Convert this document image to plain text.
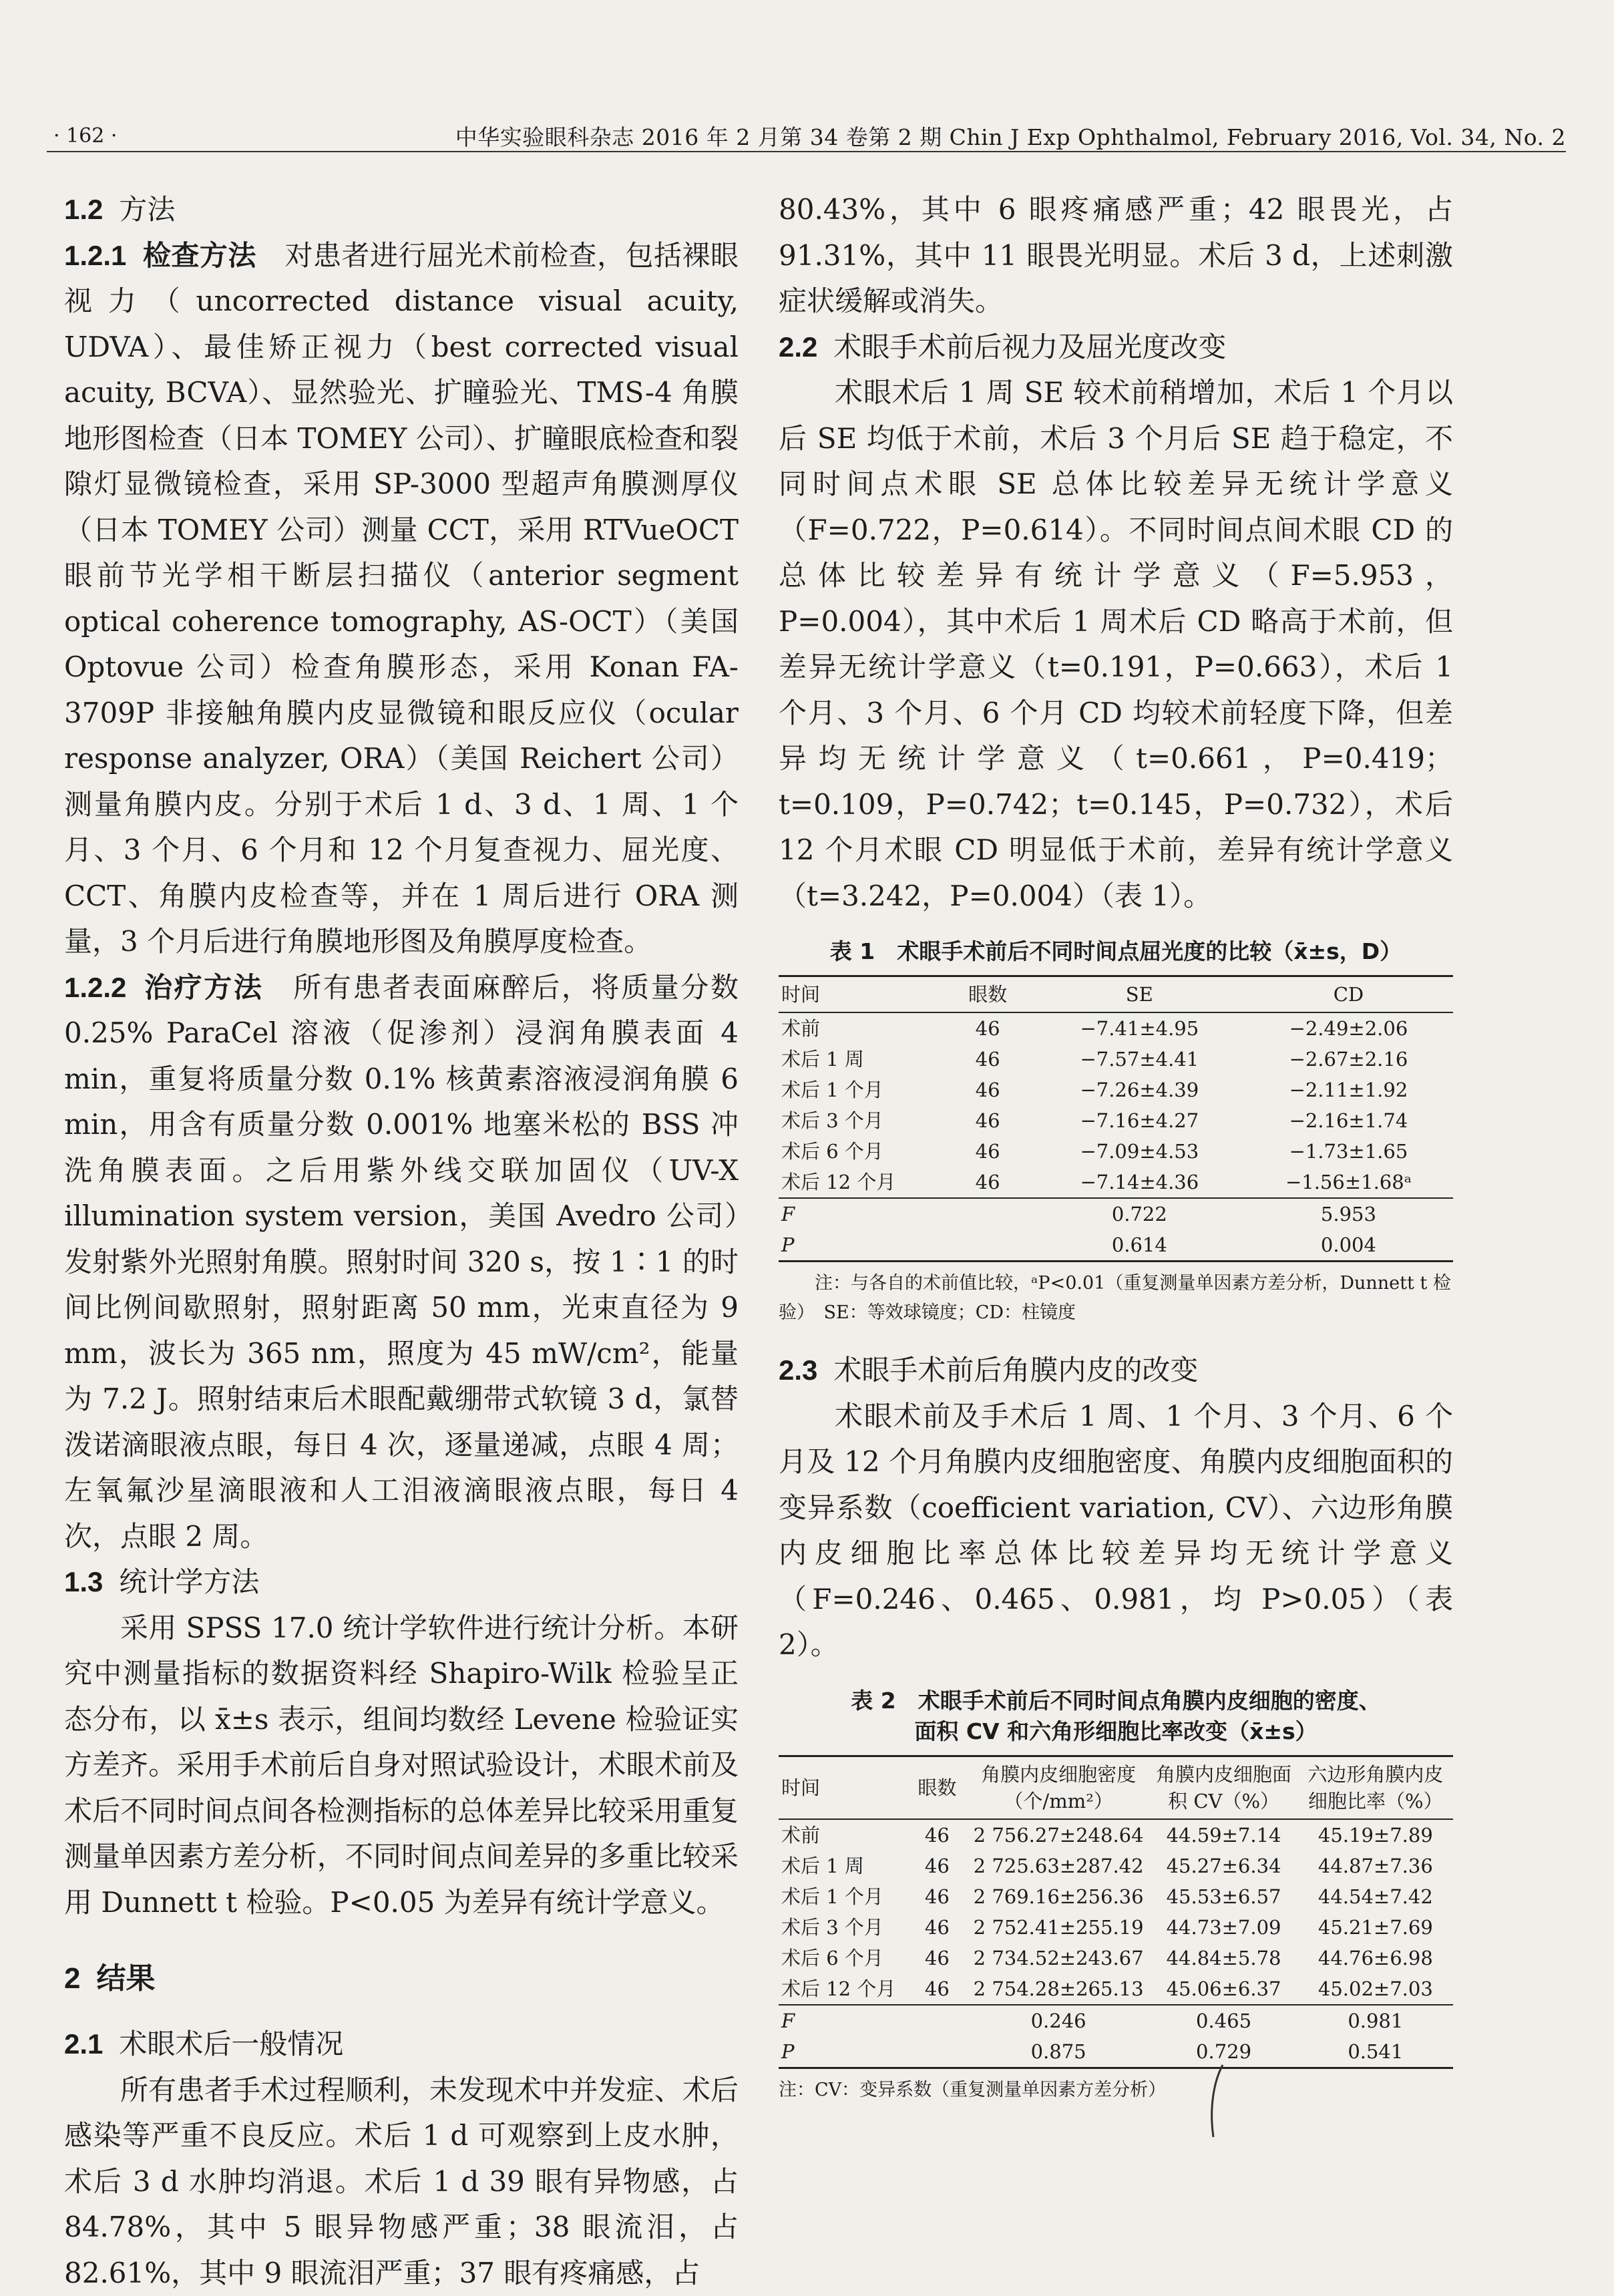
· 162 ·	中华实验眼科杂志 2016 年 2 月第 34 卷第 2 期 Chin J Exp Ophthalmol, February 2016, Vol. 34, No. 2
1.2 方法

1.2.1 检查方法　 对患者进行屈光术前检查，包括裸眼视力（uncorrected distance visual acuity, UDVA）、最佳矫正视力（best corrected visual acuity, BCVA）、显然验光、扩瞳验光、TMS-4 角膜地形图检查（日本 TOMEY 公司）、扩瞳眼底检查和裂隙灯显微镜检查，采用 SP-3000 型超声角膜测厚仪（日本 TOMEY 公司）测量 CCT，采用 RTVueOCT 眼前节光学相干断层扫描仪（anterior segment optical coherence tomography, AS-OCT）（美国 Optovue 公司）检查角膜形态，采用 Konan FA-3709P 非接触角膜内皮显微镜和眼反应仪（ocular response analyzer, ORA）（美国 Reichert 公司）测量角膜内皮。分别于术后 1 d、3 d、1 周、1 个月、3 个月、6 个月和 12 个月复查视力、屈光度、CCT、角膜内皮检查等，并在 1 周后进行 ORA 测量，3 个月后进行角膜地形图及角膜厚度检查。

1.2.2 治疗方法　 所有患者表面麻醉后，将质量分数 0.25% ParaCel 溶液（促渗剂）浸润角膜表面 4 min，重复将质量分数 0.1% 核黄素溶液浸润角膜 6 min，用含有质量分数 0.001% 地塞米松的 BSS 冲洗角膜表面。之后用紫外线交联加固仪（UV-X illumination system version，美国 Avedro 公司）发射紫外光照射角膜。照射时间 320 s，按 1∶1 的时间比例间歇照射，照射距离 50 mm，光束直径为 9 mm，波长为 365 nm，照度为 45 mW/cm²，能量为 7.2 J。照射结束后术眼配戴绷带式软镜 3 d，氯替泼诺滴眼液点眼，每日 4 次，逐量递减，点眼 4 周；左氧氟沙星滴眼液和人工泪液滴眼液点眼，每日 4 次，点眼 2 周。

1.3 统计学方法

采用 SPSS 17.0 统计学软件进行统计分析。本研究中测量指标的数据资料经 Shapiro-Wilk 检验呈正态分布，以 x̄±s 表示，组间均数经 Levene 检验证实方差齐。采用手术前后自身对照试验设计，术眼术前及术后不同时间点间各检测指标的总体差异比较采用重复测量单因素方差分析，不同时间点间差异的多重比较采用 Dunnett t 检验。P<0.05 为差异有统计学意义。

2 结果
2.1 术眼术后一般情况

所有患者手术过程顺利，未发现术中并发症、术后感染等严重不良反应。术后 1 d 可观察到上皮水肿，术后 3 d 水肿均消退。术后 1 d 39 眼有异物感，占 84.78%，其中 5 眼异物感严重；38 眼流泪，占 82.61%，其中 9 眼流泪严重；37 眼有疼痛感，占

80.43%，其中 6 眼疼痛感严重；42 眼畏光，占 91.31%，其中 11 眼畏光明显。术后 3 d，上述刺激症状缓解或消失。

2.2 术眼手术前后视力及屈光度改变

术眼术后 1 周 SE 较术前稍增加，术后 1 个月以后 SE 均低于术前，术后 3 个月后 SE 趋于稳定，不同时间点术眼 SE 总体比较差异无统计学意义（F=0.722，P=0.614）。不同时间点间术眼 CD 的总体比较差异有统计学意义（F=5.953，P=0.004），其中术后 1 周术后 CD 略高于术前，但差异无统计学意义（t=0.191，P=0.663），术后 1 个月、3 个月、6 个月 CD 均较术前轻度下降，但差异均无统计学意义（t=0.661，P=0.419；t=0.109，P=0.742；t=0.145，P=0.732），术后 12 个月术眼 CD 明显低于术前，差异有统计学意义（t=3.242，P=0.004）（表 1）。

表 1　术眼手术前后不同时间点屈光度的比较（x̄±s，D）
时间	眼数	SE	CD
术前	46	−7.41±4.95	−2.49±2.06
术后 1 周	46	−7.57±4.41	−2.67±2.16
术后 1 个月	46	−7.26±4.39	−2.11±1.92
术后 3 个月	46	−7.16±4.27	−2.16±1.74
术后 6 个月	46	−7.09±4.53	−1.73±1.65
术后 12 个月	46	−7.14±4.36	−1.56±1.68ᵃ
F		0.722	5.953
P		0.614	0.004

注：与各自的术前值比较，ᵃP<0.01（重复测量单因素方差分析，Dunnett t 检验）　SE：等效球镜度；CD：柱镜度

2.3 术眼手术前后角膜内皮的改变

术眼术前及手术后 1 周、1 个月、3 个月、6 个月及 12 个月角膜内皮细胞密度、角膜内皮细胞面积的变异系数（coefficient variation, CV）、六边形角膜内皮细胞比率总体比较差异均无统计学意义（F=0.246、0.465、0.981，均 P>0.05）（表 2）。

表 2　术眼手术前后不同时间点角膜内皮细胞的密度、
面积 CV 和六角形细胞比率改变（x̄±s）
时间	眼数	角膜内皮细胞密度（个/mm²）	角膜内皮细胞面积 CV（%）	六边形角膜内皮细胞比率（%）
术前	46	2 756.27±248.64	44.59±7.14	45.19±7.89
术后 1 周	46	2 725.63±287.42	45.27±6.34	44.87±7.36
术后 1 个月	46	2 769.16±256.36	45.53±6.57	44.54±7.42
术后 3 个月	46	2 752.41±255.19	44.73±7.09	45.21±7.69
术后 6 个月	46	2 734.52±243.67	44.84±5.78	44.76±6.98
术后 12 个月	46	2 754.28±265.13	45.06±6.37	45.02±7.03
F		0.246	0.465	0.981
P		0.875	0.729	0.541

注：CV：变异系数（重复测量单因素方差分析）
